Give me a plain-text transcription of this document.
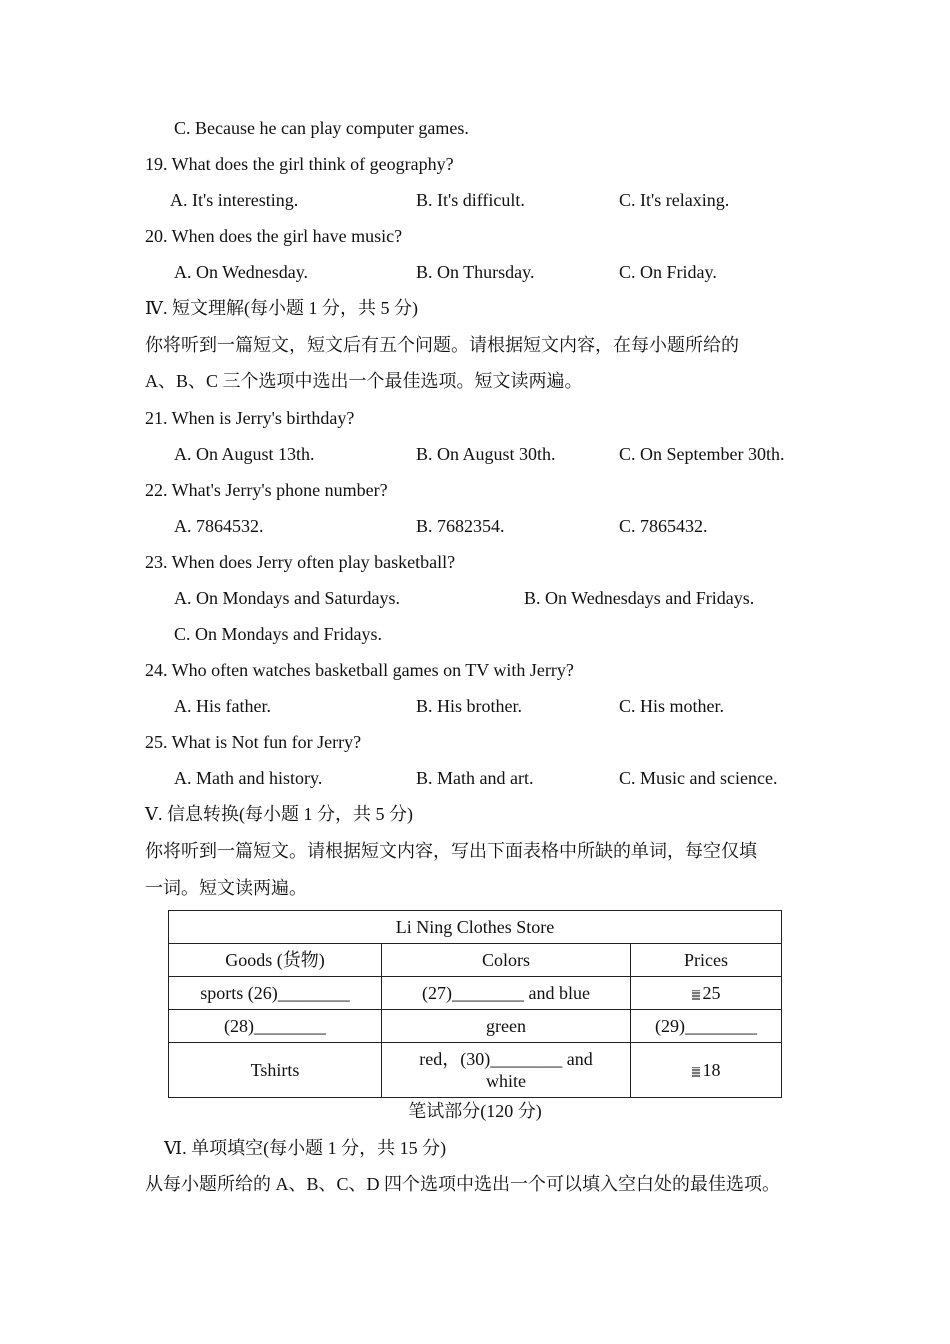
C. Because he can play computer games.
19. What does the girl think of geography?
A. It's interesting.	B. It's difficult.	C. It's relaxing.
20. When does the girl have music?
A. On Wednesday.	B. On Thursday.	C. On Friday.
Ⅳ. 短文理解(每小题 1 分，共 5 分)
你将听到一篇短文，短文后有五个问题。请根据短文内容，在每小题所给的
A、B、C 三个选项中选出一个最佳选项。短文读两遍。
21. When is Jerry's birthday?
A. On August 13th.	B. On August 30th.	C. On September 30th.
22. What's Jerry's phone number?
A. 7864532.	B. 7682354.	C. 7865432.
23. When does Jerry often play basketball?
A. On Mondays and Saturdays.	B. On Wednesdays and Fridays.
C. On Mondays and Fridays.
24. Who often watches basketball games on TV with Jerry?
A. His father.	B. His brother.	C. His mother.
25. What is Not fun for Jerry?
A. Math and history.	B. Math and art.	C. Music and science.
Ⅴ. 信息转换(每小题 1 分，共 5 分)
你将听到一篇短文。请根据短文内容，写出下面表格中所缺的单词，每空仅填
一词。短文读两遍。
Li Ning Clothes Store		
Goods (货物)	Colors	Prices
sports (26)________	(27)________ and blue	25
(28)________	green	(29)________
Tshirts	red，(30)________ and
white	18
笔试部分(120 分)
Ⅵ. 单项填空(每小题 1 分，共 15 分)
从每小题所给的 A、B、C、D 四个选项中选出一个可以填入空白处的最佳选项。
